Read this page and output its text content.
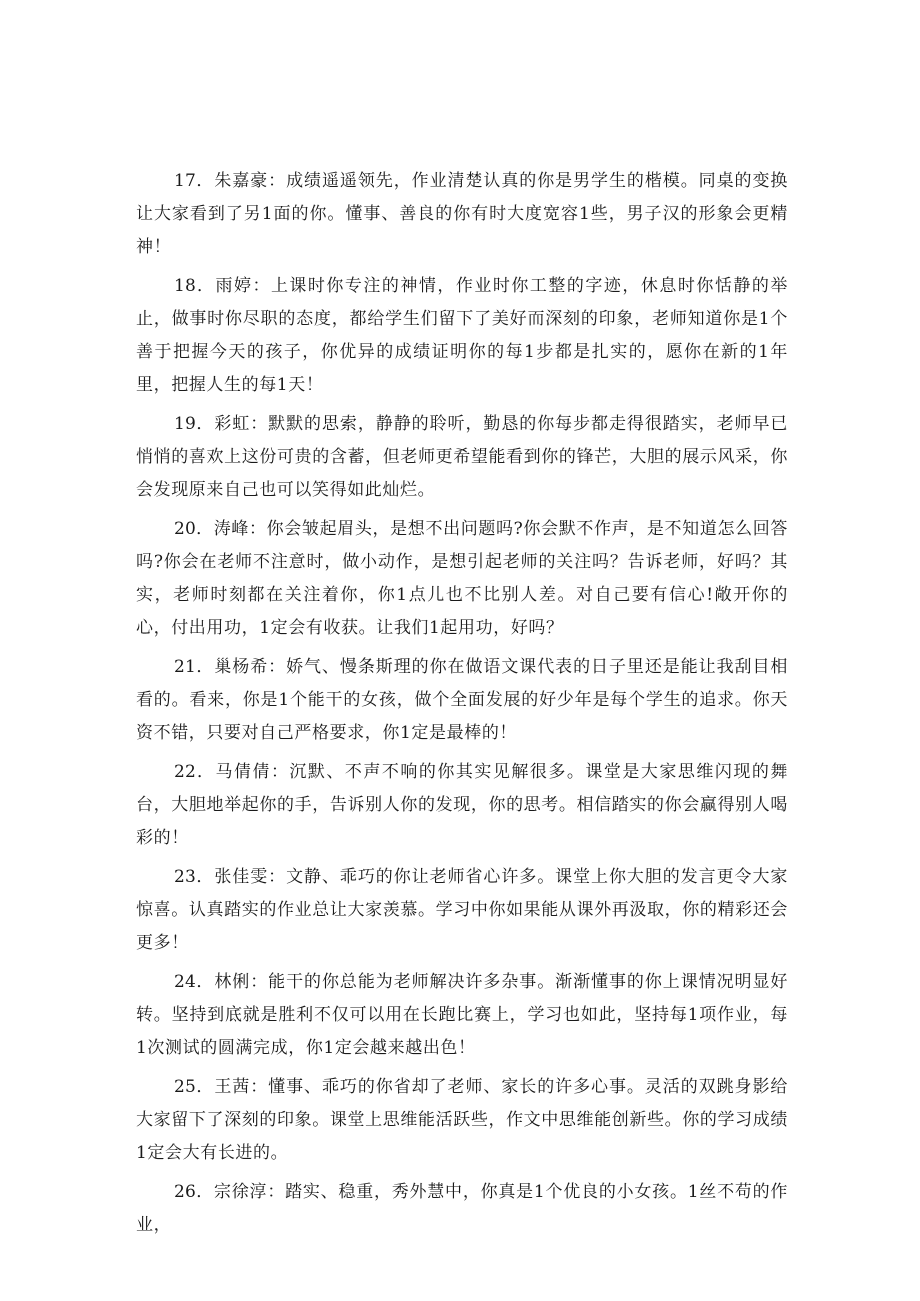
17．朱嘉豪：成绩遥遥领先，作业清楚认真的你是男学生的楷模。同桌的变换让大家看到了另1面的你。懂事、善良的你有时大度宽容1些，男子汉的形象会更精神！

18．雨婷：上课时你专注的神情，作业时你工整的字迹，休息时你恬静的举止，做事时你尽职的态度，都给学生们留下了美好而深刻的印象，老师知道你是1个善于把握今天的孩子，你优异的成绩证明你的每1步都是扎实的，愿你在新的1年里，把握人生的每1天！

19．彩虹：默默的思索，静静的聆听，勤恳的你每步都走得很踏实，老师早已悄悄的喜欢上这份可贵的含蓄，但老师更希望能看到你的锋芒，大胆的展示风采，你会发现原来自己也可以笑得如此灿烂。

20．涛峰：你会皱起眉头，是想不出问题吗?你会默不作声，是不知道怎么回答吗?你会在老师不注意时，做小动作，是想引起老师的关注吗？告诉老师，好吗？其实，老师时刻都在关注着你，你1点儿也不比别人差。对自己要有信心!敞开你的心，付出用功，1定会有收获。让我们1起用功，好吗？

21．巢杨希：娇气、慢条斯理的你在做语文课代表的日子里还是能让我刮目相看的。看来，你是1个能干的女孩，做个全面发展的好少年是每个学生的追求。你天资不错，只要对自己严格要求，你1定是最棒的！

22．马倩倩：沉默、不声不响的你其实见解很多。课堂是大家思维闪现的舞台，大胆地举起你的手，告诉别人你的发现，你的思考。相信踏实的你会赢得别人喝彩的！

23．张佳雯：文静、乖巧的你让老师省心许多。课堂上你大胆的发言更令大家惊喜。认真踏实的作业总让大家羡慕。学习中你如果能从课外再汲取，你的精彩还会更多！

24．林俐：能干的你总能为老师解决许多杂事。渐渐懂事的你上课情况明显好转。坚持到底就是胜利不仅可以用在长跑比赛上，学习也如此，坚持每1项作业，每1次测试的圆满完成，你1定会越来越出色！

25．王茜：懂事、乖巧的你省却了老师、家长的许多心事。灵活的双跳身影给大家留下了深刻的印象。课堂上思维能活跃些，作文中思维能创新些。你的学习成绩1定会大有长进的。

26．宗徐淳：踏实、稳重，秀外慧中，你真是1个优良的小女孩。1丝不苟的作业，
